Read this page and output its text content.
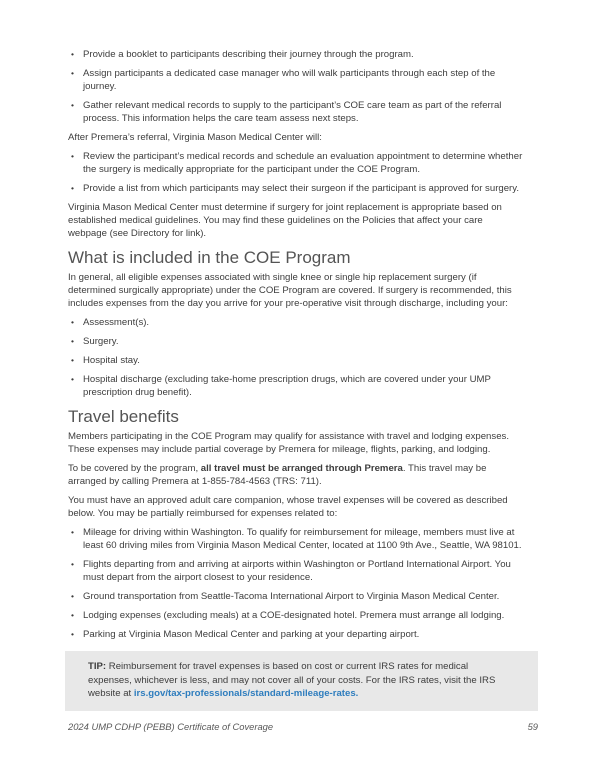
• Provide a booklet to participants describing their journey through the program.
• Assign participants a dedicated case manager who will walk participants through each step of the journey.
• Gather relevant medical records to supply to the participant’s COE care team as part of the referral process. This information helps the care team assess next steps.

After Premera’s referral, Virginia Mason Medical Center will:

• Review the participant’s medical records and schedule an evaluation appointment to determine whether the surgery is medically appropriate for the participant under the COE Program.
• Provide a list from which participants may select their surgeon if the participant is approved for surgery.

Virginia Mason Medical Center must determine if surgery for joint replacement is appropriate based on established medical guidelines. You may find these guidelines on the Policies that affect your care webpage (see Directory for link).

What is included in the COE Program

In general, all eligible expenses associated with single knee or single hip replacement surgery (if determined surgically appropriate) under the COE Program are covered. If surgery is recommended, this includes expenses from the day you arrive for your pre-operative visit through discharge, including your:

• Assessment(s).
• Surgery.
• Hospital stay.
• Hospital discharge (excluding take-home prescription drugs, which are covered under your UMP prescription drug benefit).
Travel benefits

Members participating in the COE Program may qualify for assistance with travel and lodging expenses. These expenses may include partial coverage by Premera for mileage, flights, parking, and lodging.

To be covered by the program, all travel must be arranged through Premera. This travel may be arranged by calling Premera at 1-855-784-4563 (TRS: 711).

You must have an approved adult care companion, whose travel expenses will be covered as described below. You may be partially reimbursed for expenses related to:

• Mileage for driving within Washington. To qualify for reimbursement for mileage, members must live at least 60 driving miles from Virginia Mason Medical Center, located at 1100 9th Ave., Seattle, WA 98101.
• Flights departing from and arriving at airports within Washington or Portland International Airport. You must depart from the airport closest to your residence.
• Ground transportation from Seattle-Tacoma International Airport to Virginia Mason Medical Center.
• Lodging expenses (excluding meals) at a COE-designated hotel. Premera must arrange all lodging.
• Parking at Virginia Mason Medical Center and parking at your departing airport.
TIP: Reimbursement for travel expenses is based on cost or current IRS rates for medical expenses, whichever is less, and may not cover all of your costs. For the IRS rates, visit the IRS website at irs.gov/tax-professionals/standard-mileage-rates.
2024 UMP CDHP (PEBB) Certificate of Coverage	59
